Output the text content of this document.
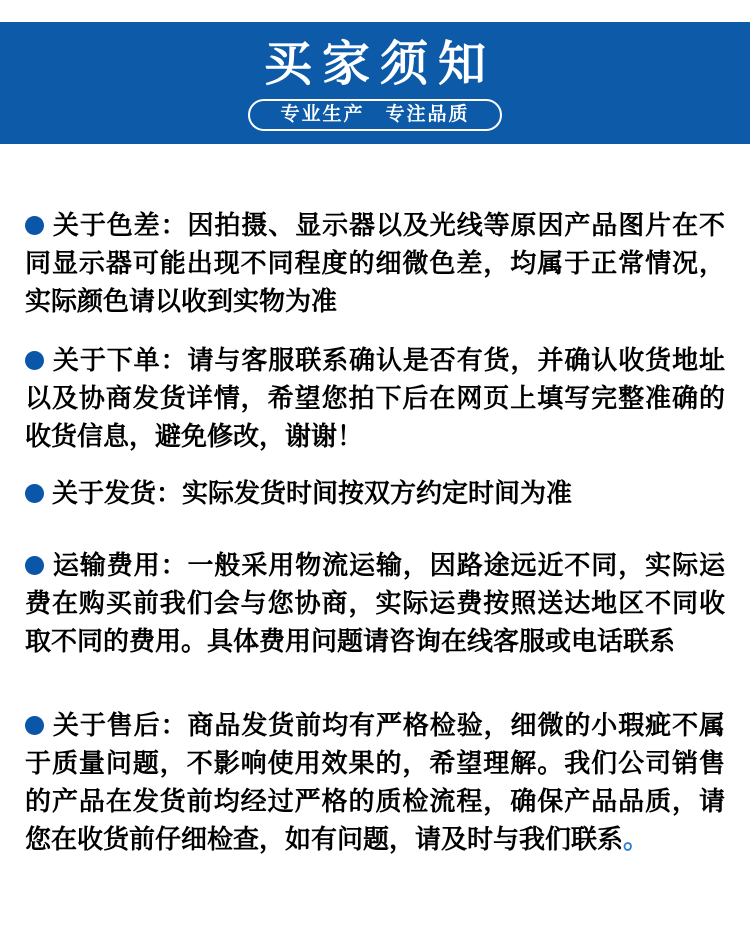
买家须知
专业生产　专注品质

关于色差：因拍摄、显示器以及光线等原因产品图片在不同显示器可能出现不同程度的细微色差，均属于正常情况，实际颜色请以收到实物为准

关于下单：请与客服联系确认是否有货，并确认收货地址以及协商发货详情，希望您拍下后在网页上填写完整准确的收货信息，避免修改，谢谢！

关于发货：实际发货时间按双方约定时间为准

运输费用：一般采用物流运输，因路途远近不同，实际运费在购买前我们会与您协商，实际运费按照送达地区不同收取不同的费用。具体费用问题请咨询在线客服或电话联系

关于售后：商品发货前均有严格检验，细微的小瑕疵不属于质量问题，不影响使用效果的，希望理解。我们公司销售的产品在发货前均经过严格的质检流程，确保产品品质，请您在收货前仔细检查，如有问题，请及时与我们联系。
